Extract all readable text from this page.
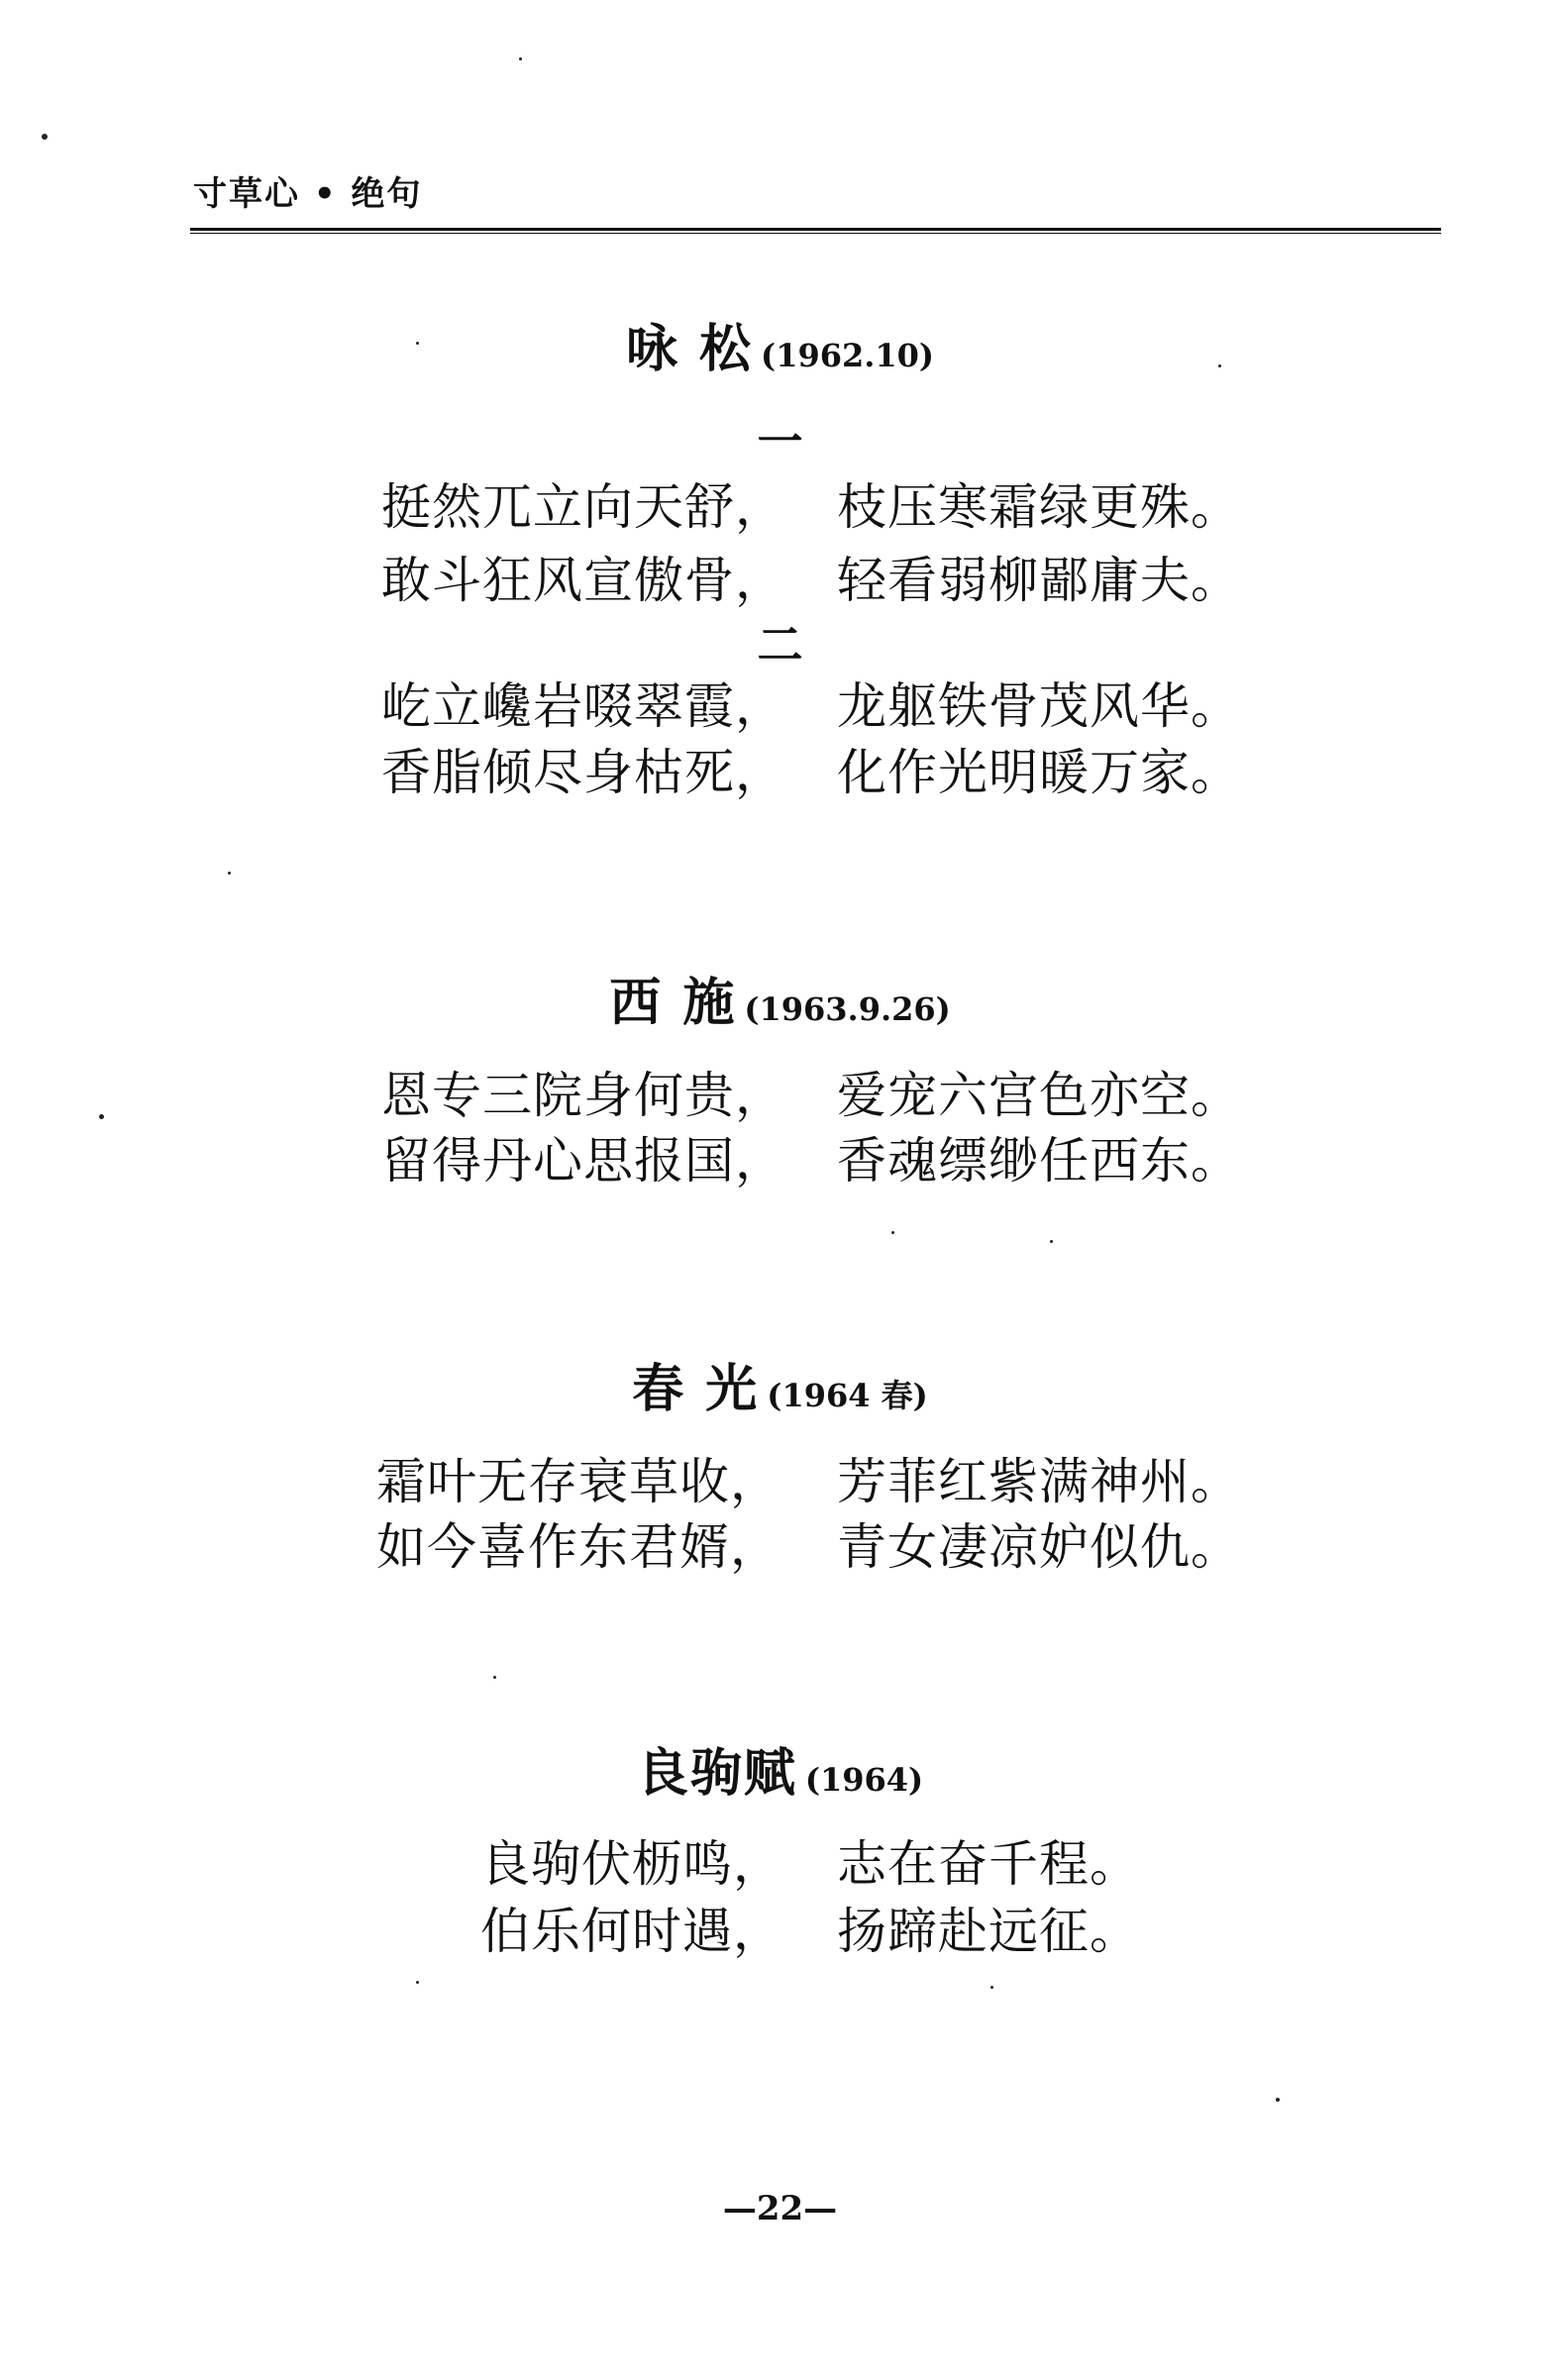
寸草心 • 绝句
咏 松 (1962.10)
一
挺然兀立向天舒， 枝压寒霜绿更殊。
敢斗狂风宣傲骨， 轻看弱柳鄙庸夫。
二
屹立巉岩啜翠霞， 龙躯铁骨茂风华。
香脂倾尽身枯死， 化作光明暖万家。
西 施 (1963.9.26)
恩专三院身何贵， 爱宠六宫色亦空。
留得丹心思报国， 香魂缥缈任西东。
春 光 (1964 春)
霜叶无存衰草收， 芳菲红紫满神州。
如今喜作东君婿， 青女凄凉妒似仇。
良驹赋 (1964)
良驹伏枥鸣， 志在奋千程。
伯乐何时遇， 扬蹄赴远征。
—22—
